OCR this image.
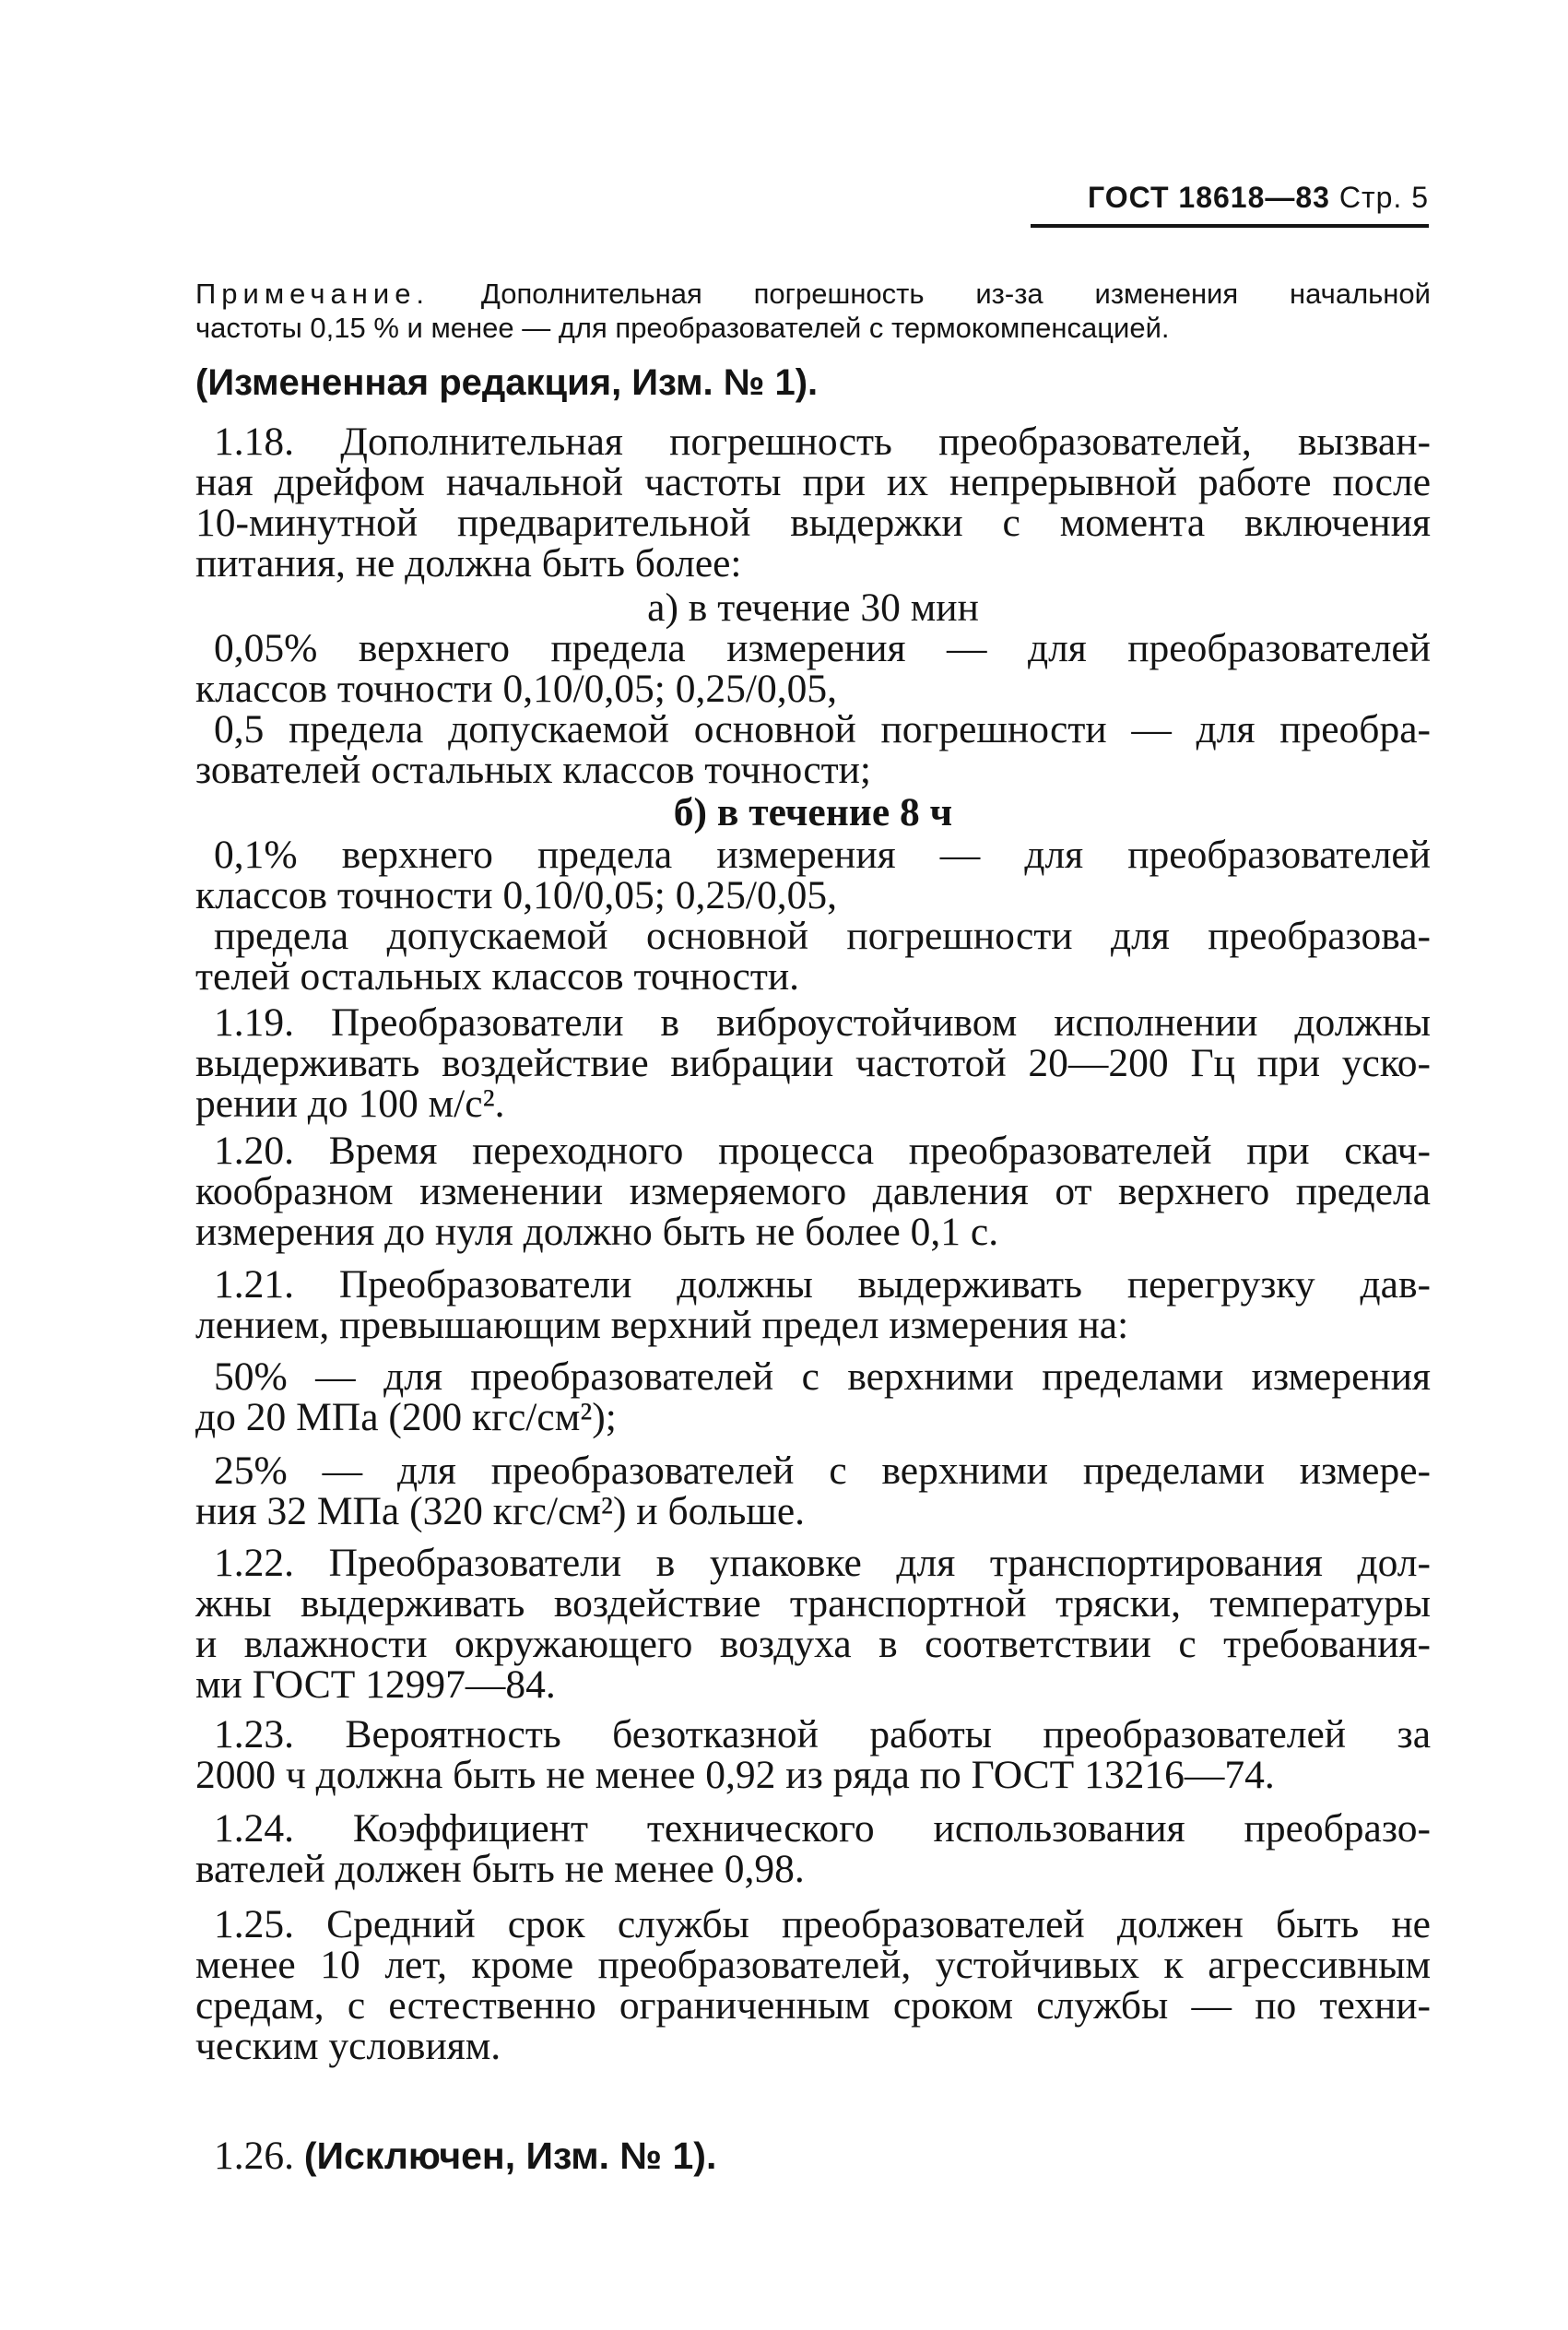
ГОСТ 18618—83 Стр. 5
Примечание. Дополнительная погрешность из-за изменения начальной
частоты 0,15 % и менее — для преобразователей с термокомпенсацией.
(Измененная редакция, Изм. № 1).
1.18. Дополнительная погрешность преобразователей, вызван-
ная дрейфом начальной частоты при их непрерывной работе после
10-минутной предварительной выдержки с момента включения
питания, не должна быть более:
а) в течение 30 мин
0,05% верхнего предела измерения — для преобразователей
классов точности 0,10/0,05; 0,25/0,05,
0,5 предела допускаемой основной погрешности — для преобра-
зователей остальных классов точности;
б) в течение 8 ч
0,1% верхнего предела измерения — для преобразователей
классов точности 0,10/0,05; 0,25/0,05,
предела допускаемой основной погрешности для преобразова-
телей остальных классов точности.
1.19. Преобразователи в виброустойчивом исполнении должны
выдерживать воздействие вибрации частотой 20—200 Гц при уско-
рении до 100 м/с².
1.20. Время переходного процесса преобразователей при скач-
кообразном изменении измеряемого давления от верхнего предела
измерения до нуля должно быть не более 0,1 с.
1.21. Преобразователи должны выдерживать перегрузку дав-
лением, превышающим верхний предел измерения на:
50% — для преобразователей с верхними пределами измерения
до 20 МПа (200 кгс/см²);
25% — для преобразователей с верхними пределами измере-
ния 32 МПа (320 кгс/см²) и больше.
1.22. Преобразователи в упаковке для транспортирования дол-
жны выдерживать воздействие транспортной тряски, температуры
и влажности окружающего воздуха в соответствии с требования-
ми ГОСТ 12997—84.
1.23. Вероятность безотказной работы преобразователей за
2000 ч должна быть не менее 0,92 из ряда по ГОСТ 13216—74.
1.24. Коэффициент технического использования преобразо-
вателей должен быть не менее 0,98.
1.25. Средний срок службы преобразователей должен быть не
менее 10 лет, кроме преобразователей, устойчивых к агрессивным
средам, с естественно ограниченным сроком службы — по техни-
ческим условиям.
1.26. (Исключен, Изм. № 1).
